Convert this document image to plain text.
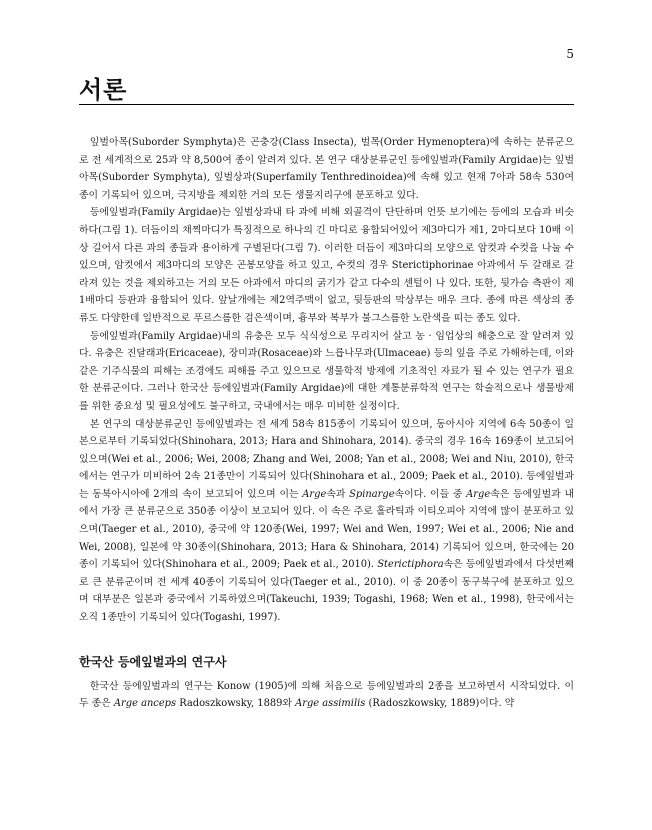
5
서론

잎벌아목(Suborder Symphyta)은 곤충강(Class Insecta), 벌목(Order Hymenoptera)에 속하는 분류군으로 전 세계적으로 25과 약 8,500여 종이 알려져 있다. 본 연구 대상분류군인 등에잎벌과(Family Argidae)는 잎벌아목(Suborder Symphyta), 잎벌상과(Superfamily Tenthredinoidea)에 속해 있고 현재 7아과 58속 530여 종이 기록되어 있으며, 극지방을 제외한 거의 모든 생물지리구에 분포하고 있다.

등에잎벌과(Family Argidae)는 잎벌상과내 타 과에 비해 외골격이 단단하며 언뜻 보기에는 등에의 모습과 비슷하다(그림 1). 더듬이의 채찍마디가 특징적으로 하나의 긴 마디로 융합되어있어 제3마디가 제1, 2마디보다 10배 이상 길어서 다른 과의 종들과 용이하게 구별된다(그림 7). 이러한 더듬이 제3마디의 모양으로 암컷과 수컷을 나눌 수 있으며, 암컷에서 제3마디의 모양은 곤봉모양을 하고 있고, 수컷의 경우 Sterictiphorinae 아과에서 두 갈래로 갈라져 있는 것을 제외하고는 거의 모든 아과에서 마디의 굵기가 같고 다수의 센털이 나 있다. 또한, 뒷가슴 측판이 제1배마디 등판과 융합되어 있다. 앞날개에는 제2역주맥이 없고, 뒷등판의 막상부는 매우 크다. 종에 따른 색상의 종류도 다양한데 일반적으로 푸르스름한 검은색이며, 흉부와 복부가 불그스름한 노란색을 띠는 종도 있다.

등에잎벌과(Family Argidae)내의 유충은 모두 식식성으로 무리지어 살고 농 · 임업상의 해충으로 잘 알려져 있다. 유충은 진달래과(Ericaceae), 장미과(Rosaceae)와 느릅나무과(Ulmaceae) 등의 잎을 주로 가해하는데, 이와 같은 기주식물의 피해는 조경에도 피해를 주고 있으므로 생물학적 방제에 기초적인 자료가 될 수 있는 연구가 필요한 분류군이다. 그러나 한국산 등에잎벌과(Family Argidae)에 대한 계통분류학적 연구는 학술적으로나 생물방제를 위한 중요성 및 필요성에도 불구하고, 국내에서는 매우 미비한 실정이다.

본 연구의 대상분류군인 등에잎벌과는 전 세계 58속 815종이 기록되어 있으며, 동아시아 지역에 6속 50종이 일본으로부터 기록되었다(Shinohara, 2013; Hara and Shinohara, 2014). 중국의 경우 16속 169종이 보고되어 있으며(Wei et al., 2006; Wei, 2008; Zhang and Wei, 2008; Yan et al., 2008; Wei and Niu, 2010), 한국에서는 연구가 미비하여 2속 21종만이 기록되어 있다(Shinohara et al., 2009; Paek et al., 2010). 등에잎벌과는 동북아시아에 2개의 속이 보고되어 있으며 이는 Arge속과 Spinarge속이다. 이들 중 Arge속은 등에잎벌과 내에서 가장 큰 분류군으로 350종 이상이 보고되어 있다. 이 속은 주로 홀라틱과 이티오피아 지역에 많이 분포하고 있으며(Taeger et al., 2010), 중국에 약 120종(Wei, 1997; Wei and Wen, 1997; Wei et al., 2006; Nie and Wei, 2008), 일본에 약 30종이(Shinohara, 2013; Hara & Shinohara, 2014) 기록되어 있으며, 한국에는 20종이 기록되어 있다(Shinohara et al., 2009; Paek et al., 2010). Sterictiphora속은 등에잎벌과에서 다섯번째로 큰 분류군이며 전 세계 40종이 기록되어 있다(Taeger et al., 2010). 이 중 20종이 동구북구에 분포하고 있으며 대부분은 일본과 중국에서 기록하였으며(Takeuchi, 1939; Togashi, 1968; Wen et al., 1998), 한국에서는 오직 1종만이 기록되어 있다(Togashi, 1997).

한국산 등에잎벌과의 연구사

한국산 등에잎벌과의 연구는 Konow (1905)에 의해 처음으로 등에잎벌과의 2종을 보고하면서 시작되었다. 이 두 종은 Arge anceps Radoszkowsky, 1889와 Arge assimilis (Radoszkowsky, 1889)이다. 약
